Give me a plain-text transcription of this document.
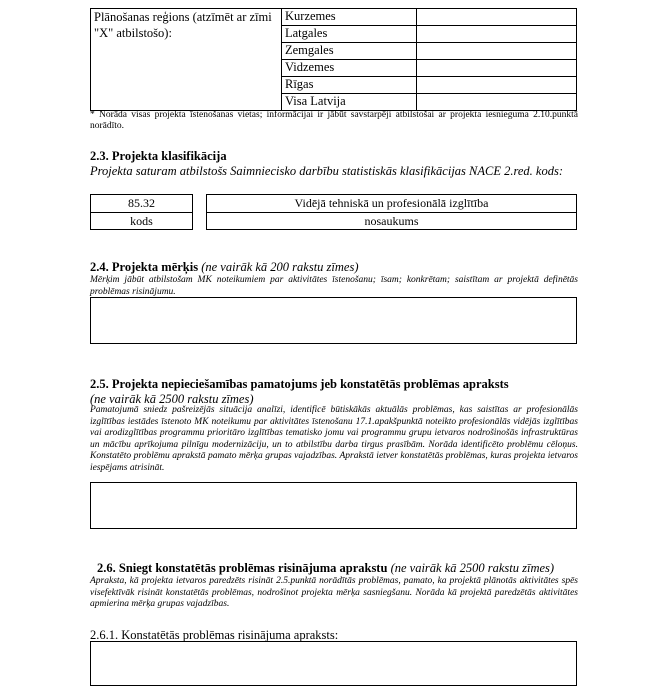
Plānošanas reģions (atzīmēt ar zīmi "X" atbilstošo):	Kurzemes	
	Latgales	
	Zemgales	
	Vidzemes	
	Rīgas	
	Visa Latvija	
* Norāda visas projekta īstenošanas vietas; informācijai ir jābūt savstarpēji atbilstošai ar projekta iesnieguma 2.10.punktā norādīto.
2.3. Projekta klasifikācija
Projekta saturam atbilstošs Saimniecisko darbību statistiskās klasifikācijas NACE 2.red. kods:
85.32	Vidējā tehniskā un profesionālā izglītība
kods	nosaukums
2.4. Projekta mērķis (ne vairāk kā 200 rakstu zīmes)
Mērķim jābūt atbilstošam MK noteikumiem par aktivitātes īstenošanu; īsam; konkrētam; saistītam ar projektā definētās problēmas risinājumu.
2.5. Projekta nepieciešamības pamatojums jeb konstatētās problēmas apraksts
(ne vairāk kā 2500 rakstu zīmes)
Pamatojumā sniedz pašreizējās situācija analīzi, identificē būtiskākās aktuālās problēmas, kas saistītas ar profesionālās izglītības iestādes īstenoto MK noteikumu par aktivitātes īstenošanu 17.1.apakšpunktā noteikto profesionālās vidējās izglītības vai arodizglītības programmu prioritāro izglītības tematisko jomu vai programmu grupu ietvaros nodrošinošās infrastruktūras un mācību aprīkojuma pilnīgu modernizāciju, un to atbilstību darba tirgus prasībām. Norāda identificēto problēmu cēloņus. Konstatēto problēmu aprakstā pamato mērķa grupas vajadzības. Aprakstā ietver konstatētās problēmas, kuras projekta ietvaros iespējams atrisināt.
2.6. Sniegt konstatētās problēmas risinājuma aprakstu (ne vairāk kā 2500 rakstu zīmes)
Apraksta, kā projekta ietvaros paredzēts risināt 2.5.punktā norādītās problēmas, pamato, ka projektā plānotās aktivitātes spēs visefektīvāk risināt konstatētās problēmas, nodrošinot projekta mērķa sasniegšanu. Norāda kā projektā paredzētās aktivitātes apmierina mērķa grupas vajadzības.
2.6.1. Konstatētās problēmas risinājuma apraksts:
